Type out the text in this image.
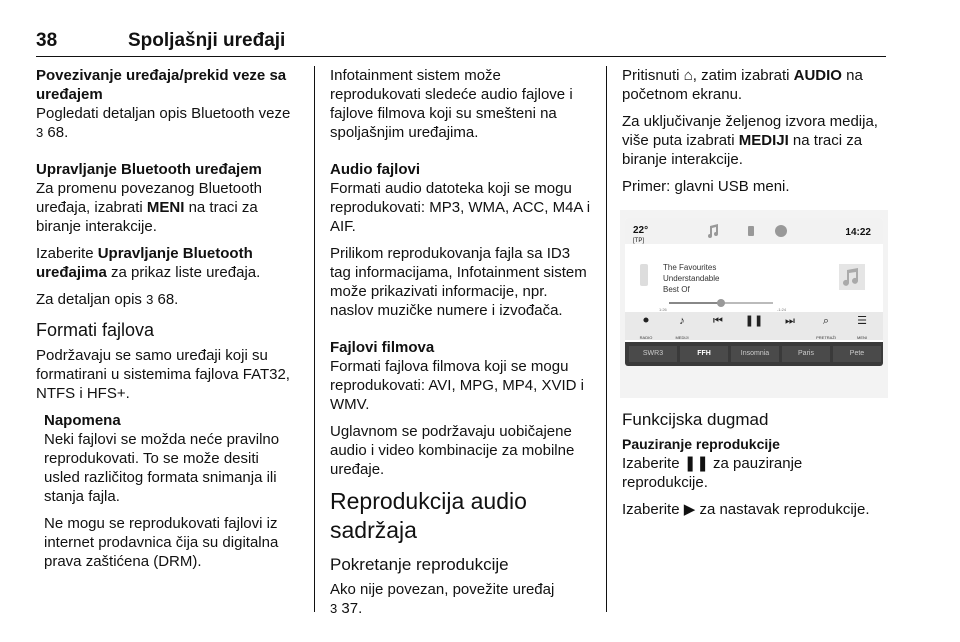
38	Spoljašnji uređaji

Povezivanje uređaja/prekid veze sa uređajem

Pogledati detaljan opis Bluetooth veze 3 68.

Upravljanje Bluetooth uređajem

Za promenu povezanog Bluetooth uređaja, izabrati MENI na traci za biranje interakcije.

Izaberite Upravljanje Bluetooth uređajima za prikaz liste uređaja.

Za detaljan opis 3 68.

Formati fajlova

Podržavaju se samo uređaji koji su formatirani u sistemima fajlova FAT32, NTFS i HFS+.

Napomena

Neki fajlovi se možda neće pravilno reprodukovati. To se može desiti usled različitog formata snimanja ili stanja fajla.

Ne mogu se reprodukovati fajlovi iz internet prodavnica čija su digitalna prava zaštićena (DRM).

Infotainment sistem može reprodukovati sledeće audio fajlove i fajlove filmova koji su smešteni na spoljašnjim uređajima.

Audio fajlovi

Formati audio datoteka koji se mogu reprodukovati: MP3, WMA, ACC, M4A i AIF.

Prilikom reprodukovanja fajla sa ID3 tag informacijama, Infotainment sistem može prikazivati informacije, npr. naslov muzičke numere i izvođača.

Fajlovi filmova

Formati fajlova filmova koji se mogu reprodukovati: AVI, MPG, MP4, XVID i WMV.

Uglavnom se podržavaju uobičajene audio i video kombinacije za mobilne uređaje.

Reprodukcija audio sadržaja

Pokretanje reprodukcije

Ako nije povezan, povežite uređaj
3 37.

Pritisnuti ⌂, zatim izabrati AUDIO na početnom ekranu.

Za uključivanje željenog izvora medija, više puta izabrati MEDIJI na traci za biranje interakcije.

Primer: glavni USB meni.

22°
[TP]
14:22
The Favourites
Understandable
Best Of
1:26	-1:24
⚫
RADIO
♪
MEDIJI
⏮	❚❚	⏭	⌕
PRETRAŽI
☰
MENI
SWR3	FFH	Insomnia	Paris	Pete

Funkcijska dugmad

Pauziranje reprodukcije

Izaberite ❚❚ za pauziranje reprodukcije.

Izaberite ▶ za nastavak reprodukcije.
